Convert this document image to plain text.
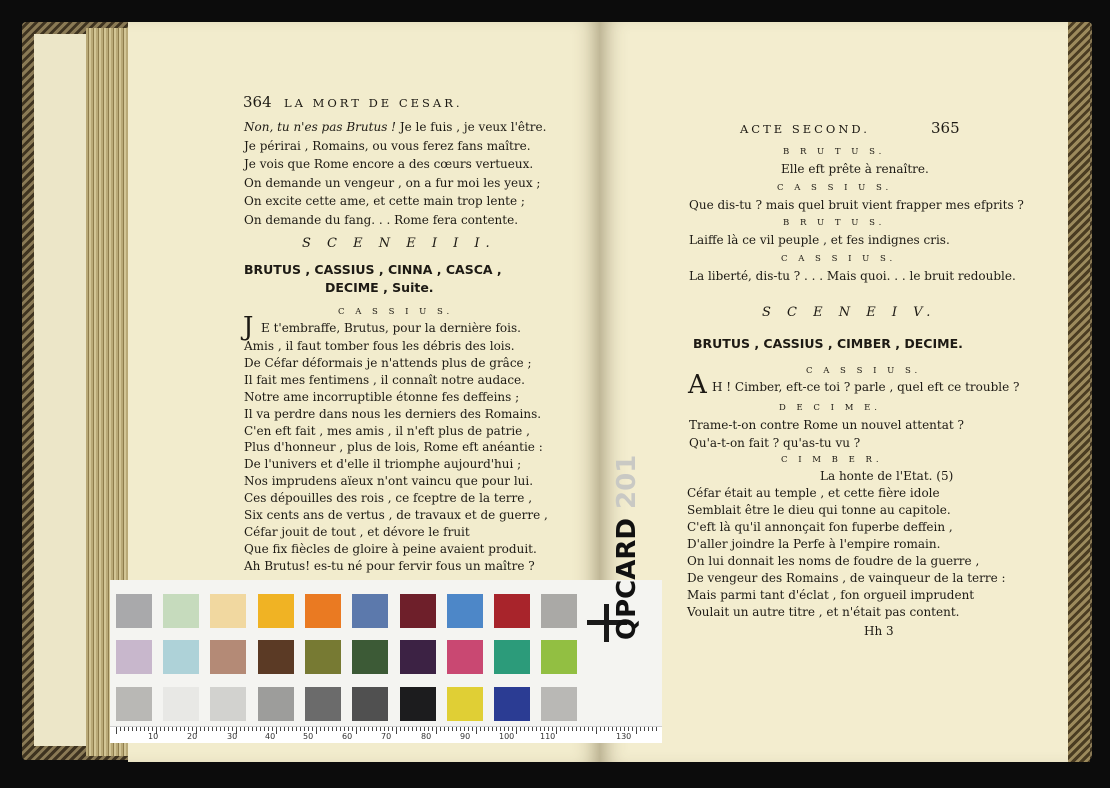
364 LA MORT DE CESAR.
Non, tu n'es pas Brutus ! Je le fuis , je veux l'être.
Je périrai , Romains, ou vous ferez fans maître.
Je vois que Rome encore a des cœurs vertueux.
On demande un vengeur , on a fur moi les yeux ;
On excite cette ame, et cette main trop lente ;
On demande du fang. . . Rome fera contente.
S C E N E I I I.
BRUTUS , CASSIUS , CINNA , CASCA ,
DECIME , Suite.
C A S S I U S.
J E t'embraffe, Brutus, pour la dernière fois.
Amis , il faut tomber fous les débris des lois.
De Céfar déformais je n'attends plus de grâce ;
Il fait mes fentimens , il connaît notre audace.
Notre ame incorruptible étonne fes deffeins ;
Il va perdre dans nous les derniers des Romains.
C'en eft fait , mes amis , il n'eft plus de patrie ,
Plus d'honneur , plus de lois, Rome eft anéantie :
De l'univers et d'elle il triomphe aujourd'hui ;
Nos imprudens aïeux n'ont vaincu que pour lui.
Ces dépouilles des rois , ce fceptre de la terre ,
Six cents ans de vertus , de travaux et de guerre ,
Céfar jouit de tout , et dévore le fruit
Que fix fiècles de gloire à peine avaient produit.
Ah Brutus! es-tu né pour fervir fous un maître ?
ACTE SECOND.	365
B R U T U S.
Elle eft prête à renaître.
C A S S I U S.
Que dis-tu ? mais quel bruit vient frapper mes efprits ?
B R U T U S.
Laiffe là ce vil peuple , et fes indignes cris.
C A S S I U S.
La liberté, dis-tu ? . . . Mais quoi. . . le bruit redouble.
S C E N E I V.
BRUTUS , CASSIUS , CIMBER , DECIME.
C A S S I U S.
A H ! Cimber, eft-ce toi ? parle , quel eft ce trouble ?
D E C I M E.
Trame-t-on contre Rome un nouvel attentat ?
Qu'a-t-on fait ? qu'as-tu vu ?
C I M B E R.
La honte de l'Etat. (5)
Céfar était au temple , et cette fière idole
Semblait être le dieu qui tonne au capitole.
C'eft là qu'il annonçait fon fuperbe deffein ,
D'aller joindre la Perfe à l'empire romain.
On lui donnait les noms de foudre de la guerre ,
De vengeur des Romains , de vainqueur de la terre :
Mais parmi tant d'éclat , fon orgueil imprudent
Voulait un autre titre , et n'était pas content.
Hh 3
10	20	30	40	50	60	70	80	90	100	110	130
QPCARD 201
